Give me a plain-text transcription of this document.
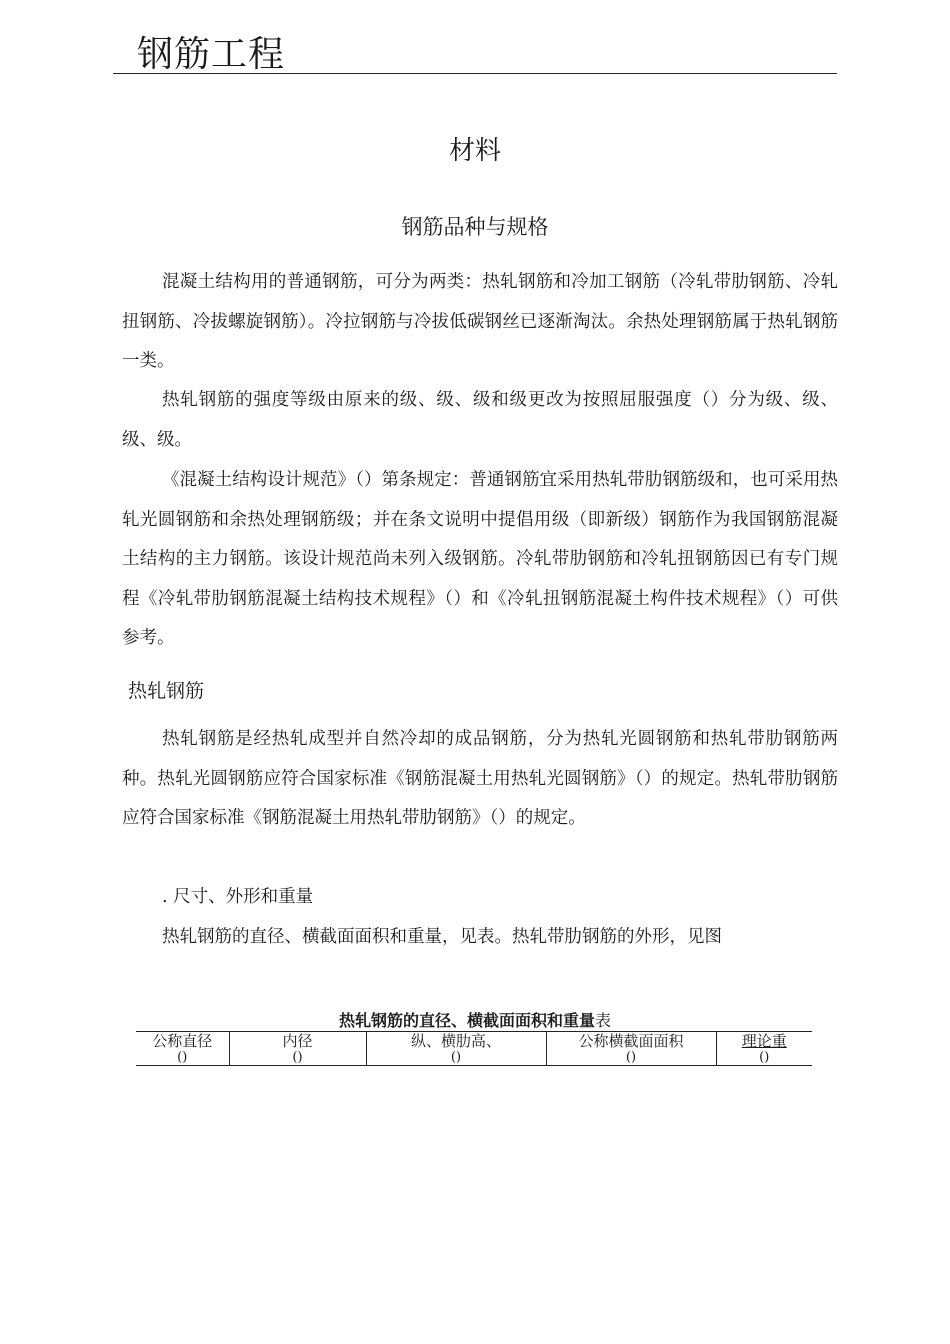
钢筋工程
材料
钢筋品种与规格

混凝土结构用的普通钢筋，可分为两类：热轧钢筋和冷加工钢筋（冷轧带肋钢筋、冷轧扭钢筋、冷拔螺旋钢筋）。冷拉钢筋与冷拔低碳钢丝已逐渐淘汰。余热处理钢筋属于热轧钢筋一类。

热轧钢筋的强度等级由原来的级、级、级和级更改为按照屈服强度（）分为级、级、级、级。

《混凝土结构设计规范》（）第条规定：普通钢筋宜采用热轧带肋钢筋级和，也可采用热轧光圆钢筋和余热处理钢筋级；并在条文说明中提倡用级（即新级）钢筋作为我国钢筋混凝土结构的主力钢筋。该设计规范尚未列入级钢筋。冷轧带肋钢筋和冷轧扭钢筋因已有专门规程《冷轧带肋钢筋混凝土结构技术规程》（）和《冷轧扭钢筋混凝土构件技术规程》（）可供参考。

热轧钢筋

热轧钢筋是经热轧成型并自然冷却的成品钢筋，分为热轧光圆钢筋和热轧带肋钢筋两种。热轧光圆钢筋应符合国家标准《钢筋混凝土用热轧光圆钢筋》（）的规定。热轧带肋钢筋应符合国家标准《钢筋混凝土用热轧带肋钢筋》（）的规定。

. 尺寸、外形和重量

热轧钢筋的直径、横截面面积和重量，见表。热轧带肋钢筋的外形，见图

热轧钢筋的直径、横截面面积和重量表
公称直径	内径	纵、横肋高、	公称横截面面积	理论重
()	()	()	()	()
